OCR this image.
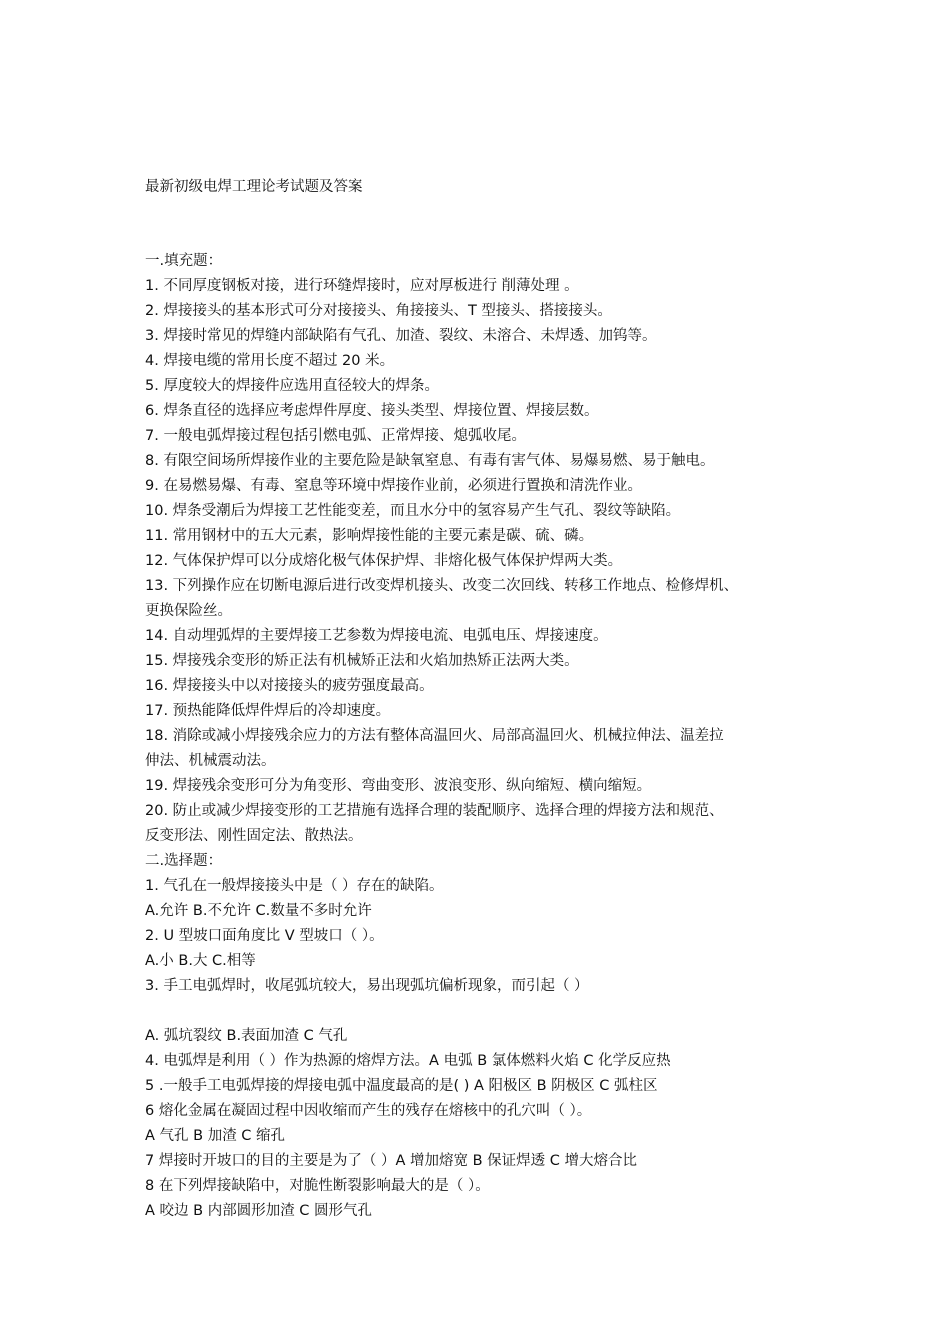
最新初级电焊工理论考试题及答案
一.填充题：
1. 不同厚度钢板对接，进行环缝焊接时，应对厚板进行 削薄处理 。
2. 焊接接头的基本形式可分对接接头、角接接头、T 型接头、搭接接头。
3. 焊接时常见的焊缝内部缺陷有气孔、加渣、裂纹、未溶合、未焊透、加钨等。
4. 焊接电缆的常用长度不超过 20 米。
5. 厚度较大的焊接件应选用直径较大的焊条。
6. 焊条直径的选择应考虑焊件厚度、接头类型、焊接位置、焊接层数。
7. 一般电弧焊接过程包括引燃电弧、正常焊接、熄弧收尾。
8. 有限空间场所焊接作业的主要危险是缺氧窒息、有毒有害气体、易爆易燃、易于触电。
9. 在易燃易爆、有毒、窒息等环境中焊接作业前，必须进行置换和清洗作业。
10. 焊条受潮后为焊接工艺性能变差，而且水分中的氢容易产生气孔、裂纹等缺陷。
11. 常用钢材中的五大元素，影响焊接性能的主要元素是碳、硫、磷。
12. 气体保护焊可以分成熔化极气体保护焊、非熔化极气体保护焊两大类。
13. 下列操作应在切断电源后进行改变焊机接头、改变二次回线、转移工作地点、检修焊机、
更换保险丝。
14. 自动埋弧焊的主要焊接工艺参数为焊接电流、电弧电压、焊接速度。
15. 焊接残余变形的矫正法有机械矫正法和火焰加热矫正法两大类。
16. 焊接接头中以对接接头的疲劳强度最高。
17. 预热能降低焊件焊后的冷却速度。
18. 消除或减小焊接残余应力的方法有整体高温回火、局部高温回火、机械拉伸法、温差拉
伸法、机械震动法。
19. 焊接残余变形可分为角变形、弯曲变形、波浪变形、纵向缩短、横向缩短。
20. 防止或减少焊接变形的工艺措施有选择合理的装配顺序、选择合理的焊接方法和规范、
反变形法、刚性固定法、散热法。
二.选择题：
1. 气孔在一般焊接接头中是（ ）存在的缺陷。
A.允许 B.不允许 C.数量不多时允许
2. U 型坡口面角度比 V 型坡口（ ）。
A.小 B.大 C.相等
3. 手工电弧焊时，收尾弧坑较大，易出现弧坑偏析现象，而引起（ ）
A. 弧坑裂纹 B.表面加渣 C 气孔
4. 电弧焊是利用（ ）作为热源的熔焊方法。A 电弧 B 氯体燃料火焰 C 化学反应热
5 .一般手工电弧焊接的焊接电弧中温度最高的是( ) A 阳极区 B 阴极区 C 弧柱区
6 熔化金属在凝固过程中因收缩而产生的残存在熔核中的孔穴叫（ ）。
A 气孔 B 加渣 C 缩孔
7 焊接时开坡口的目的主要是为了（ ）A 增加熔宽 B 保证焊透 C 增大熔合比
8 在下列焊接缺陷中，对脆性断裂影响最大的是（ ）。
A 咬边 B 内部圆形加渣 C 圆形气孔
